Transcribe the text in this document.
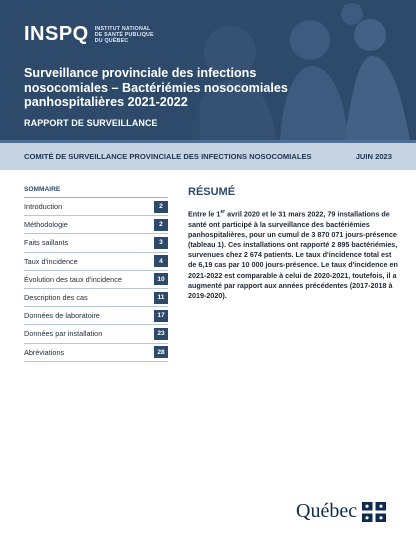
INSPQ INSTITUT NATIONAL
DE SANTÉ PUBLIQUE
DU QUÉBEC
Surveillance provinciale des infections
nosocomiales – Bactériémies nosocomiales
panhospitalières 2021-2022
RAPPORT DE SURVEILLANCE
COMITÉ DE SURVEILLANCE PROVINCIALE DES INFECTIONS NOSOCOMIALES	JUIN 2023
SOMMAIRE
Introduction	2
Méthodologie	2
Faits saillants	3
Taux d'incidence	4
Évolution des taux d'incidence	10
Description des cas	11
Données de laboratoire	17
Données par installation	23
Abréviations	28
RÉSUMÉ

Entre le 1er avril 2020 et le 31 mars 2022, 79 installations de santé ont participé à la surveillance des bactériémies panhospitalières, pour un cumul de 3 870 071 jours-présence (tableau 1). Ces installations ont rapporté 2 895 bactériémies, survenues chez 2 674 patients. Le taux d'incidence total est de 6,19 cas par 10 000 jours-présence. Le taux d'incidence en 2021-2022 est comparable à celui de 2020-2021, toutefois, il a augmenté par rapport aux années précédentes (2017-2018 à 2019-2020).

Québec
